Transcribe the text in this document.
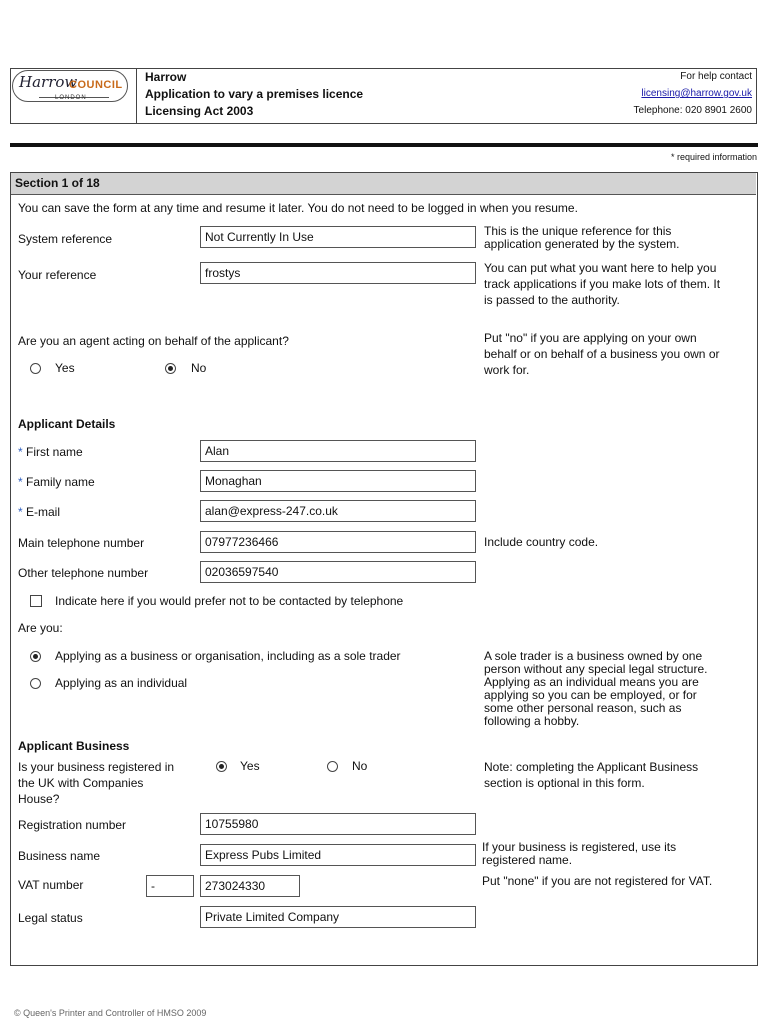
Harrow
COUNCIL
LONDON
Harrow
Application to vary a premises licence
Licensing Act 2003
For help contact
licensing@harrow.gov.uk
Telephone: 020 8901 2600
* required information
Section 1 of 18
You can save the form at any time and resume it later. You do not need to be logged in when you resume.
System reference	Not Currently In Use	This is the unique reference for this
application generated by the system.
Your reference	frostys	You can put what you want here to help you
track applications if you make lots of them. It
is passed to the authority.
Are you an agent acting on behalf of the applicant?
Yes	No
Put "no" if you are applying on your own
behalf or on behalf of a business you own or
work for.
Applicant Details
* First name	Alan
* Family name	Monaghan
* E-mail	alan@express-247.co.uk
Main telephone number	07977236466	Include country code.
Other telephone number	02036597540
Indicate here if you would prefer not to be contacted by telephone
Are you:
Applying as a business or organisation, including as a sole trader
Applying as an individual
A sole trader is a business owned by one
person without any special legal structure.
Applying as an individual means you are
applying so you can be employed, or for
some other personal reason, such as
following a hobby.
Applicant Business
Is your business registered in
the UK with Companies
House?
Yes	No	Note: completing the Applicant Business
section is optional in this form.
Registration number	10755980
Business name	Express Pubs Limited
If your business is registered, use its
registered name.
VAT number	-	273024330	Put "none" if you are not registered for VAT.
Legal status	Private Limited Company
© Queen's Printer and Controller of HMSO 2009
